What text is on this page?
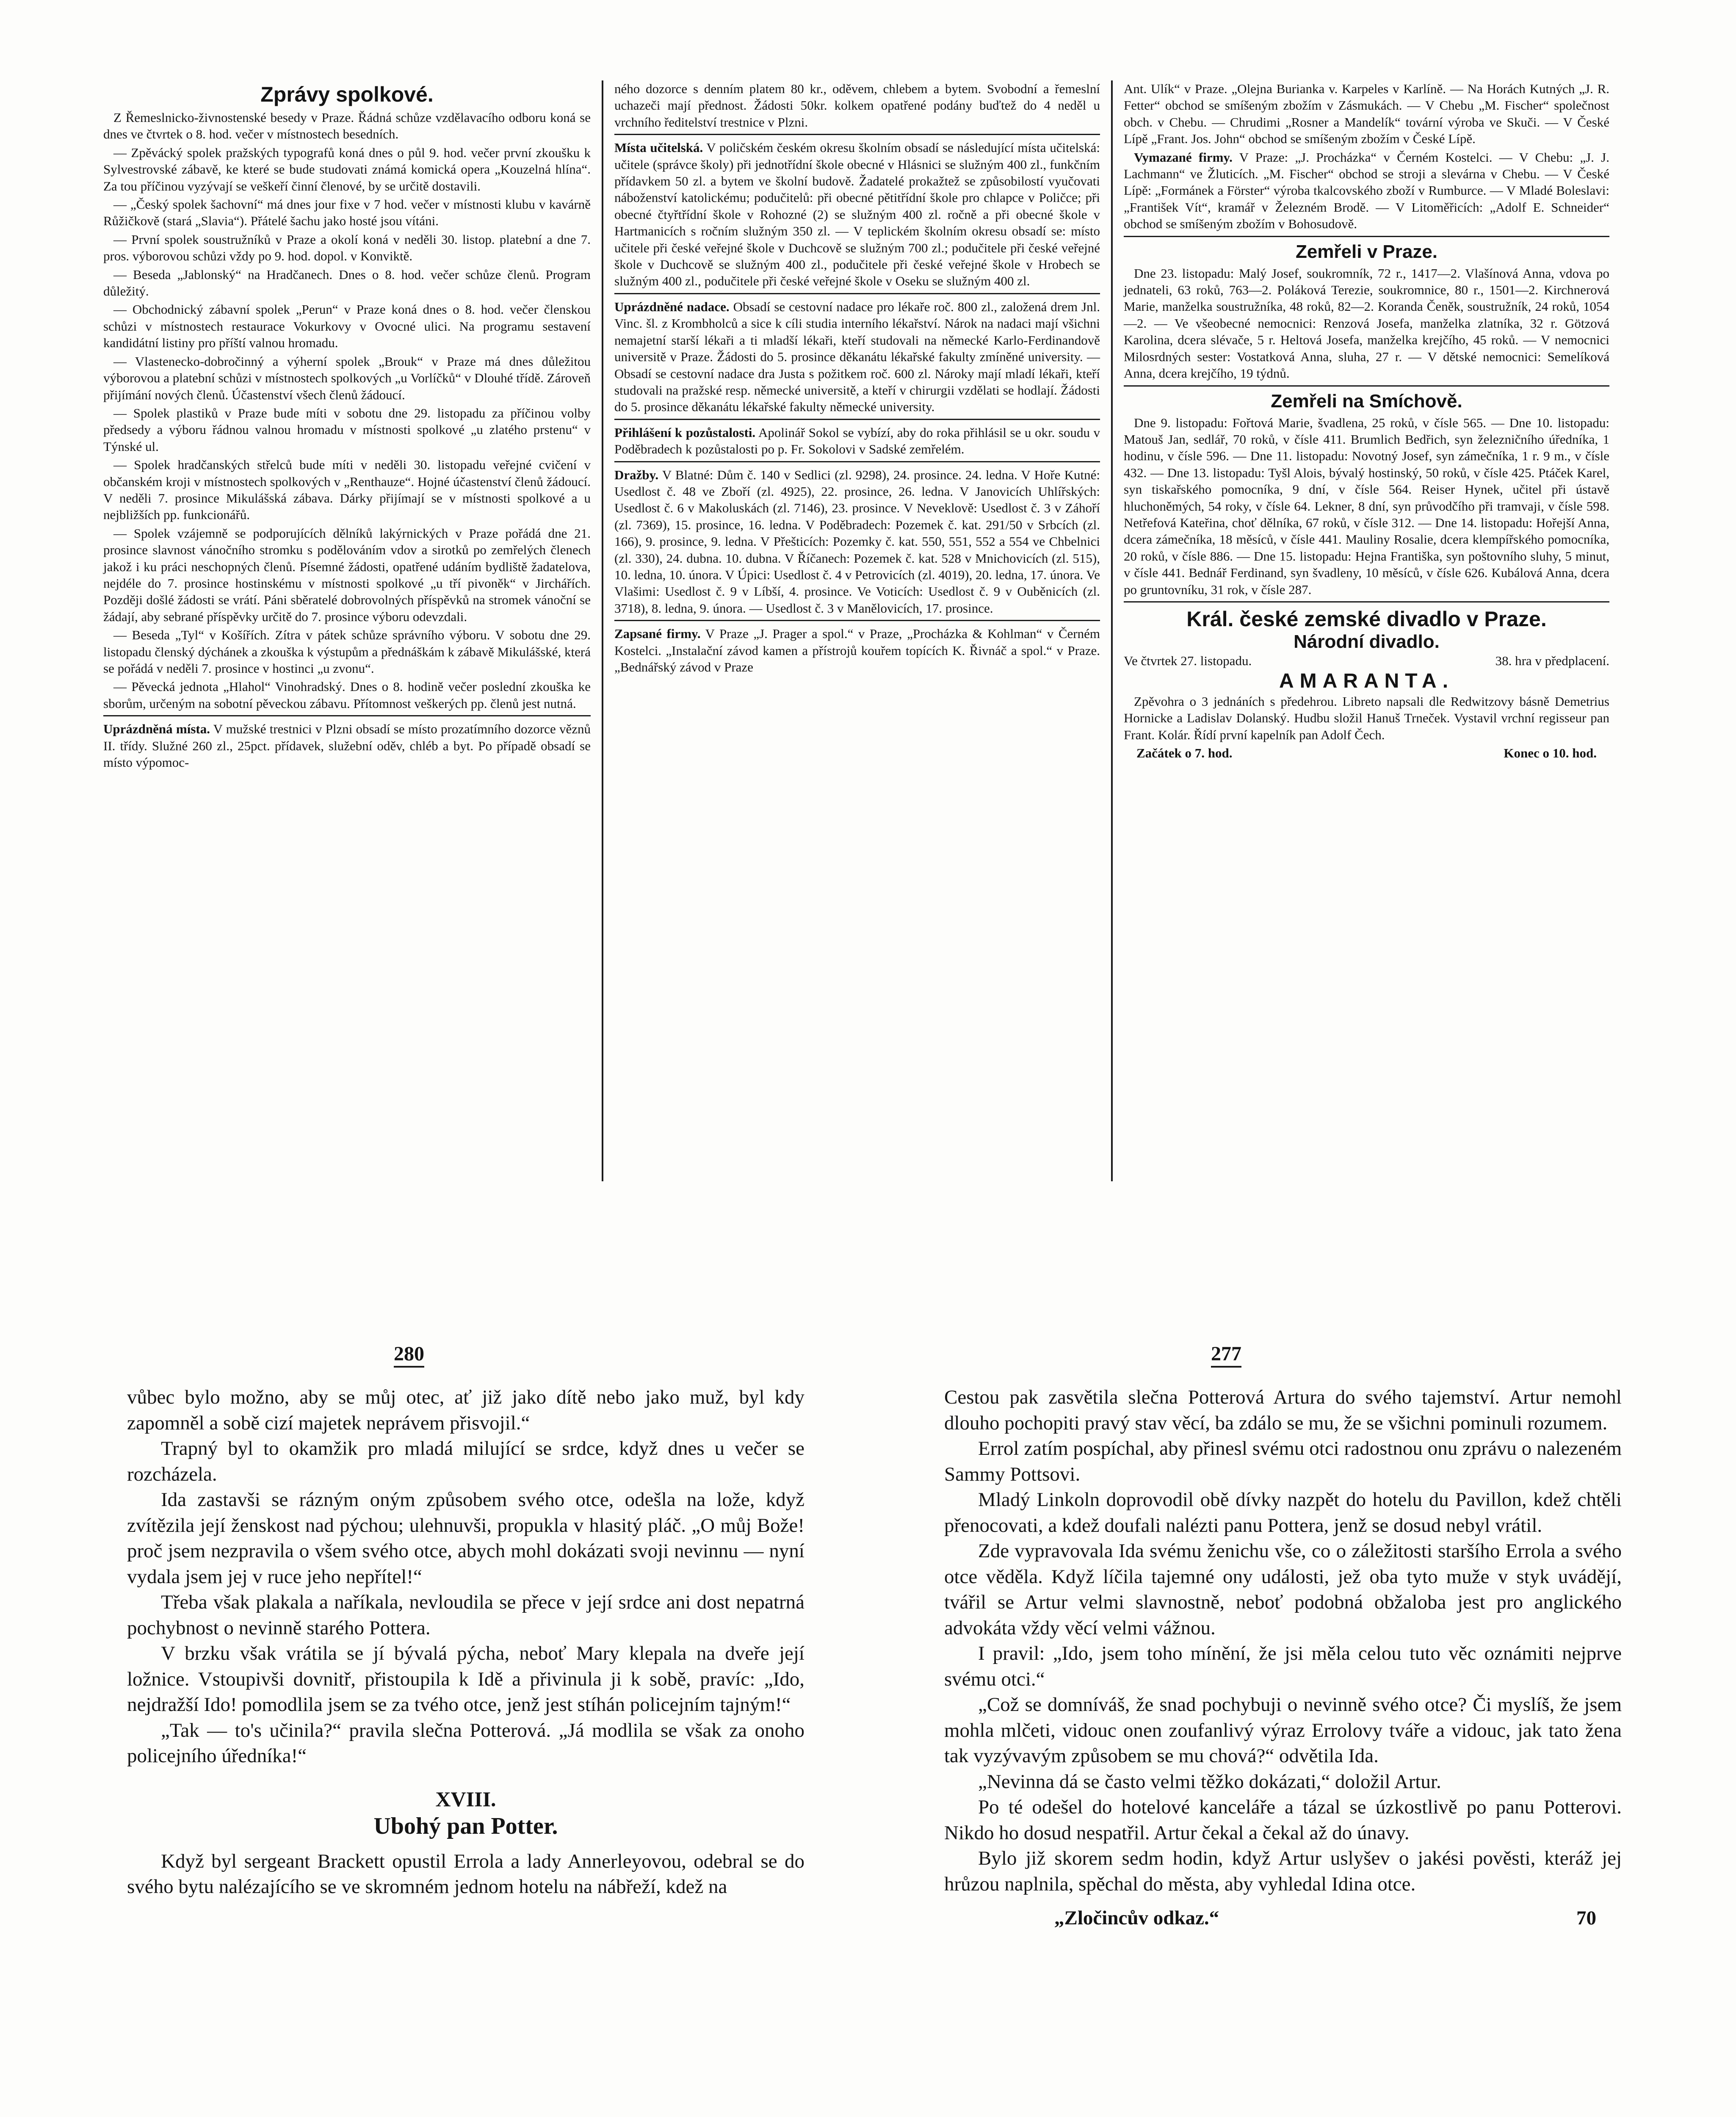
Zprávy spolkové.

Z Řemeslnicko-živnostenské besedy v Praze. Řádná schůze vzdělavacího odboru koná se dnes ve čtvrtek o 8. hod. večer v místnostech besedních.

— Zpěvácký spolek pražských typografů koná dnes o půl 9. hod. večer první zkoušku k Sylvestrovské zábavě, ke které se bude studovati známá komická opera „Kouzelná hlína“. Za tou příčinou vyzývají se veškeří činní členové, by se určitě dostavili.

— „Český spolek šachovní“ má dnes jour fixe v 7 hod. večer v místnosti klubu v kavárně Růžičkově (stará „Slavia“). Přátelé šachu jako hosté jsou vítáni.

— První spolek soustružníků v Praze a okolí koná v neděli 30. listop. platební a dne 7. pros. výborovou schůzi vždy po 9. hod. dopol. v Konviktě.

— Beseda „Jablonský“ na Hradčanech. Dnes o 8. hod. večer schůze členů. Program důležitý.

— Obchodnický zábavní spolek „Perun“ v Praze koná dnes o 8. hod. večer členskou schůzi v místnostech restaurace Vokurkovy v Ovocné ulici. Na programu sestavení kandidátní listiny pro příští valnou hromadu.

— Vlastenecko-dobročinný a výherní spolek „Brouk“ v Praze má dnes důležitou výborovou a platební schůzi v místnostech spolkových „u Vorlíčků“ v Dlouhé třídě. Zároveň přijímání nových členů. Účastenství všech členů žádoucí.

— Spolek plastiků v Praze bude míti v sobotu dne 29. listopadu za příčinou volby předsedy a výboru řádnou valnou hromadu v místnosti spolkové „u zlatého prstenu“ v Týnské ul.

— Spolek hradčanských střelců bude míti v neděli 30. listopadu veřejné cvičení v občanském kroji v místnostech spolkových v „Renthauze“. Hojné účastenství členů žádoucí. V neděli 7. prosince Mikulášská zábava. Dárky přijímají se v místnosti spolkové a u nejbližších pp. funkcionářů.

— Spolek vzájemně se podporujících dělníků lakýrnických v Praze pořádá dne 21. prosince slavnost vánočního stromku s podělováním vdov a sirotků po zemřelých členech jakož i ku práci neschopných členů. Písemné žádosti, opatřené udáním bydliště žadatelova, nejdéle do 7. prosince hostinskému v místnosti spolkové „u tří pivoněk“ v Jirchářích. Později došlé žádosti se vrátí. Páni sběratelé dobrovolných příspěvků na stromek vánoční se žádají, aby sebrané příspěvky určitě do 7. prosince výboru odevzdali.

— Beseda „Tyl“ v Košířích. Zítra v pátek schůze správního výboru. V sobotu dne 29. listopadu členský dýchánek a zkouška k výstupům a přednáškám k zábavě Mikulášské, která se pořádá v neděli 7. prosince v hostinci „u zvonu“.

— Pěvecká jednota „Hlahol“ Vinohradský. Dnes o 8. hodině večer poslední zkouška ke sborům, určeným na sobotní pěveckou zábavu. Přítomnost veškerých pp. členů jest nutná.

Uprázdněná místa. V mužské trestnici v Plzni obsadí se místo prozatímního dozorce věznů II. třídy. Služné 260 zl., 25pct. přídavek, služební oděv, chléb a byt. Po případě obsadí se místo výpomoc-

ného dozorce s denním platem 80 kr., oděvem, chlebem a bytem. Svobodní a řemeslní uchazeči mají přednost. Žádosti 50kr. kolkem opatřené podány buďtež do 4 neděl u vrchního ředitelství trestnice v Plzni.

Místa učitelská. V poličském českém okresu školním obsadí se následující místa učitelská: učitele (správce školy) při jednotřídní škole obecné v Hlásnici se služným 400 zl., funkčním přídavkem 50 zl. a bytem ve školní budově. Žadatelé prokažtež se způsobilostí vyučovati náboženství katolickému; podučitelů: při obecné pětitřídní škole pro chlapce v Poličce; při obecné čtyřtřídní škole v Rohozné (2) se služným 400 zl. ročně a při obecné škole v Hartmanicích s ročním služným 350 zl. — V teplickém školním okresu obsadí se: místo učitele při české veřejné škole v Duchcově se služným 700 zl.; podučitele při české veřejné škole v Duchcově se služným 400 zl., podučitele při české veřejné škole v Hrobech se služným 400 zl., podučitele při české veřejné škole v Oseku se služným 400 zl.

Uprázdněné nadace. Obsadí se cestovní nadace pro lékaře roč. 800 zl., založená drem Jnl. Vinc. šl. z Krombholců a sice k cíli studia interního lékařství. Nárok na nadaci mají všichni nemajetní starší lékaři a ti mladší lékaři, kteří studovali na německé Karlo-Ferdinandově universitě v Praze. Žádosti do 5. prosince děkanátu lékařské fakulty zmíněné university. — Obsadí se cestovní nadace dra Justa s požitkem roč. 600 zl. Nároky mají mladí lékaři, kteří studovali na pražské resp. německé universitě, a kteří v chirurgii vzdělati se hodlají. Žádosti do 5. prosince děkanátu lékařské fakulty německé university.

Přihlášení k pozůstalosti. Apolinář Sokol se vybízí, aby do roka přihlásil se u okr. soudu v Poděbradech k pozůstalosti po p. Fr. Sokolovi v Sadské zemřelém.

Dražby. V Blatné: Dům č. 140 v Sedlici (zl. 9298), 24. prosince. 24. ledna. V Hoře Kutné: Usedlost č. 48 ve Zboří (zl. 4925), 22. prosince, 26. ledna. V Janovicích Uhlířských: Usedlost č. 6 v Makoluskách (zl. 7146), 23. prosince. V Neveklově: Usedlost č. 3 v Záhoří (zl. 7369), 15. prosince, 16. ledna. V Poděbradech: Pozemek č. kat. 291/50 v Srbcích (zl. 166), 9. prosince, 9. ledna. V Přešticích: Pozemky č. kat. 550, 551, 552 a 554 ve Chbelnici (zl. 330), 24. dubna. 10. dubna. V Říčanech: Pozemek č. kat. 528 v Mnichovicích (zl. 515), 10. ledna, 10. února. V Úpici: Usedlost č. 4 v Petrovicích (zl. 4019), 20. ledna, 17. února. Ve Vlašimi: Usedlost č. 9 v Líbší, 4. prosince. Ve Voticích: Usedlost č. 9 v Ouběnicích (zl. 3718), 8. ledna, 9. února. — Usedlost č. 3 v Manělovicích, 17. prosince.

Zapsané firmy. V Praze „J. Prager a spol.“ v Praze, „Procházka & Kohlman“ v Černém Kostelci. „Instalační závod kamen a přístrojů kouřem topících K. Řivnáč a spol.“ v Praze. „Bednářský závod v Praze

Ant. Ulík“ v Praze. „Olejna Burianka v. Karpeles v Karlíně. — Na Horách Kutných „J. R. Fetter“ obchod se smíšeným zbožím v Zásmukách. — V Chebu „M. Fischer“ společnost obch. v Chebu. — Chrudimi „Rosner a Mandelík“ tovární výroba ve Skuči. — V České Lípě „Frant. Jos. John“ obchod se smíšeným zbožím v České Lípě.

Vymazané firmy. V Praze: „J. Procházka“ v Černém Kostelci. — V Chebu: „J. J. Lachmann“ ve Žluticích. „M. Fischer“ obchod se stroji a slevárna v Chebu. — V České Lípě: „Formánek a Förster“ výroba tkalcovského zboží v Rumburce. — V Mladé Boleslavi: „František Vít“, kramář v Železném Brodě. — V Litoměřicích: „Adolf E. Schneider“ obchod se smíšeným zbožím v Bohosudově.

Zemřeli v Praze.

Dne 23. listopadu: Malý Josef, soukromník, 72 r., 1417—2. Vlašínová Anna, vdova po jednateli, 63 roků, 763—2. Poláková Terezie, soukromnice, 80 r., 1501—2. Kirchnerová Marie, manželka soustružníka, 48 roků, 82—2. Koranda Čeněk, soustružník, 24 roků, 1054—2. — Ve všeobecné nemocnici: Renzová Josefa, manželka zlatníka, 32 r. Götzová Karolina, dcera slévače, 5 r. Heltová Josefa, manželka krejčího, 45 roků. — V nemocnici Milosrdných sester: Vostatková Anna, sluha, 27 r. — V dětské nemocnici: Semelíková Anna, dcera krejčího, 19 týdnů.

Zemřeli na Smíchově.

Dne 9. listopadu: Fořtová Marie, švadlena, 25 roků, v čísle 565. — Dne 10. listopadu: Matouš Jan, sedlář, 70 roků, v čísle 411. Brumlich Bedřich, syn železničního úředníka, 1 hodinu, v čísle 596. — Dne 11. listopadu: Novotný Josef, syn zámečníka, 1 r. 9 m., v čísle 432. — Dne 13. listopadu: Tyšl Alois, bývalý hostinský, 50 roků, v čísle 425. Ptáček Karel, syn tiskařského pomocníka, 9 dní, v čísle 564. Reiser Hynek, učitel při ústavě hluchoněmých, 54 roky, v čísle 64. Lekner, 8 dní, syn průvodčího při tramvaji, v čísle 598. Netřefová Kateřina, choť dělníka, 67 roků, v čísle 312. — Dne 14. listopadu: Hořejší Anna, dcera zámečníka, 18 měsíců, v čísle 441. Mauliny Rosalie, dcera klempířského pomocníka, 20 roků, v čísle 886. — Dne 15. listopadu: Hejna Františka, syn poštovního sluhy, 5 minut, v čísle 441. Bednář Ferdinand, syn švadleny, 10 měsíců, v čísle 626. Kubálová Anna, dcera po gruntovníku, 31 rok, v čísle 287.

Král. české zemské divadlo v Praze.
Národní divadlo.
Ve čtvrtek 27. listopadu.	38. hra v předplacení.
AMARANTA.

Zpěvohra o 3 jednáních s předehrou. Libreto napsali dle Redwitzovy básně Demetrius Hornicke a Ladislav Dolanský. Hudbu složil Hanuš Trneček. Vystavil vrchní regisseur pan Frant. Kolár. Řídí první kapelník pan Adolf Čech.

Začátek o 7. hod.	Konec o 10. hod.
280	277

vůbec bylo možno, aby se můj otec, ať již jako dítě nebo jako muž, byl kdy zapomněl a sobě cizí majetek neprávem přisvojil.“

Trapný byl to okamžik pro mladá milující se srdce, když dnes u večer se rozcházela.

Ida zastavši se rázným oným způsobem svého otce, odešla na lože, když zvítězila její ženskost nad pýchou; ulehnuvši, propukla v hlasitý pláč. „O můj Bože! proč jsem nezpravila o všem svého otce, abych mohl dokázati svoji nevinnu — nyní vydala jsem jej v ruce jeho nepřítel!“

Třeba však plakala a naříkala, nevloudila se přece v její srdce ani dost nepatrná pochybnost o nevinně starého Pottera.

V brzku však vrátila se jí bývalá pýcha, neboť Mary klepala na dveře její ložnice. Vstoupivši dovnitř, přistoupila k Idě a přivinula ji k sobě, pravíc: „Ido, nejdražší Ido! pomodlila jsem se za tvého otce, jenž jest stíhán policejním tajným!“

„Tak — to's učinila?“ pravila slečna Potterová. „Já modlila se však za onoho policejního úředníka!“

XVIII.
Ubohý pan Potter.

Když byl sergeant Brackett opustil Errola a lady Annerleyovou, odebral se do svého bytu nalézajícího se ve skromném jednom hotelu na nábřeží, kdež na

Cestou pak zasvětila slečna Potterová Artura do svého tajemství. Artur nemohl dlouho pochopiti pravý stav věcí, ba zdálo se mu, že se všichni pominuli rozumem.

Errol zatím pospíchal, aby přinesl svému otci radostnou onu zprávu o nalezeném Sammy Pottsovi.

Mladý Linkoln doprovodil obě dívky nazpět do hotelu du Pavillon, kdež chtěli přenocovati, a kdež doufali nalézti panu Pottera, jenž se dosud nebyl vrátil.

Zde vypravovala Ida svému ženichu vše, co o záležitosti staršího Errola a svého otce věděla. Když líčila tajemné ony události, jež oba tyto muže v styk uvádějí, tvářil se Artur velmi slavnostně, neboť podobná obžaloba jest pro anglického advokáta vždy věcí velmi vážnou.

I pravil: „Ido, jsem toho mínění, že jsi měla celou tuto věc oznámiti nejprve svému otci.“

„Což se domníváš, že snad pochybuji o nevinně svého otce? Či myslíš, že jsem mohla mlčeti, vidouc onen zoufanlivý výraz Errolovy tváře a vidouc, jak tato žena tak vyzývavým způsobem se mu chová?“ odvětila Ida.

„Nevinna dá se často velmi těžko dokázati,“ doložil Artur.

Po té odešel do hotelové kanceláře a tázal se úzkostlivě po panu Potterovi. Nikdo ho dosud nespatřil. Artur čekal a čekal až do únavy.

Bylo již skorem sedm hodin, když Artur uslyšev o jakési pověsti, kteráž jej hrůzou naplnila, spěchal do města, aby vyhledal Idina otce.

„Zločincův odkaz.“	70
